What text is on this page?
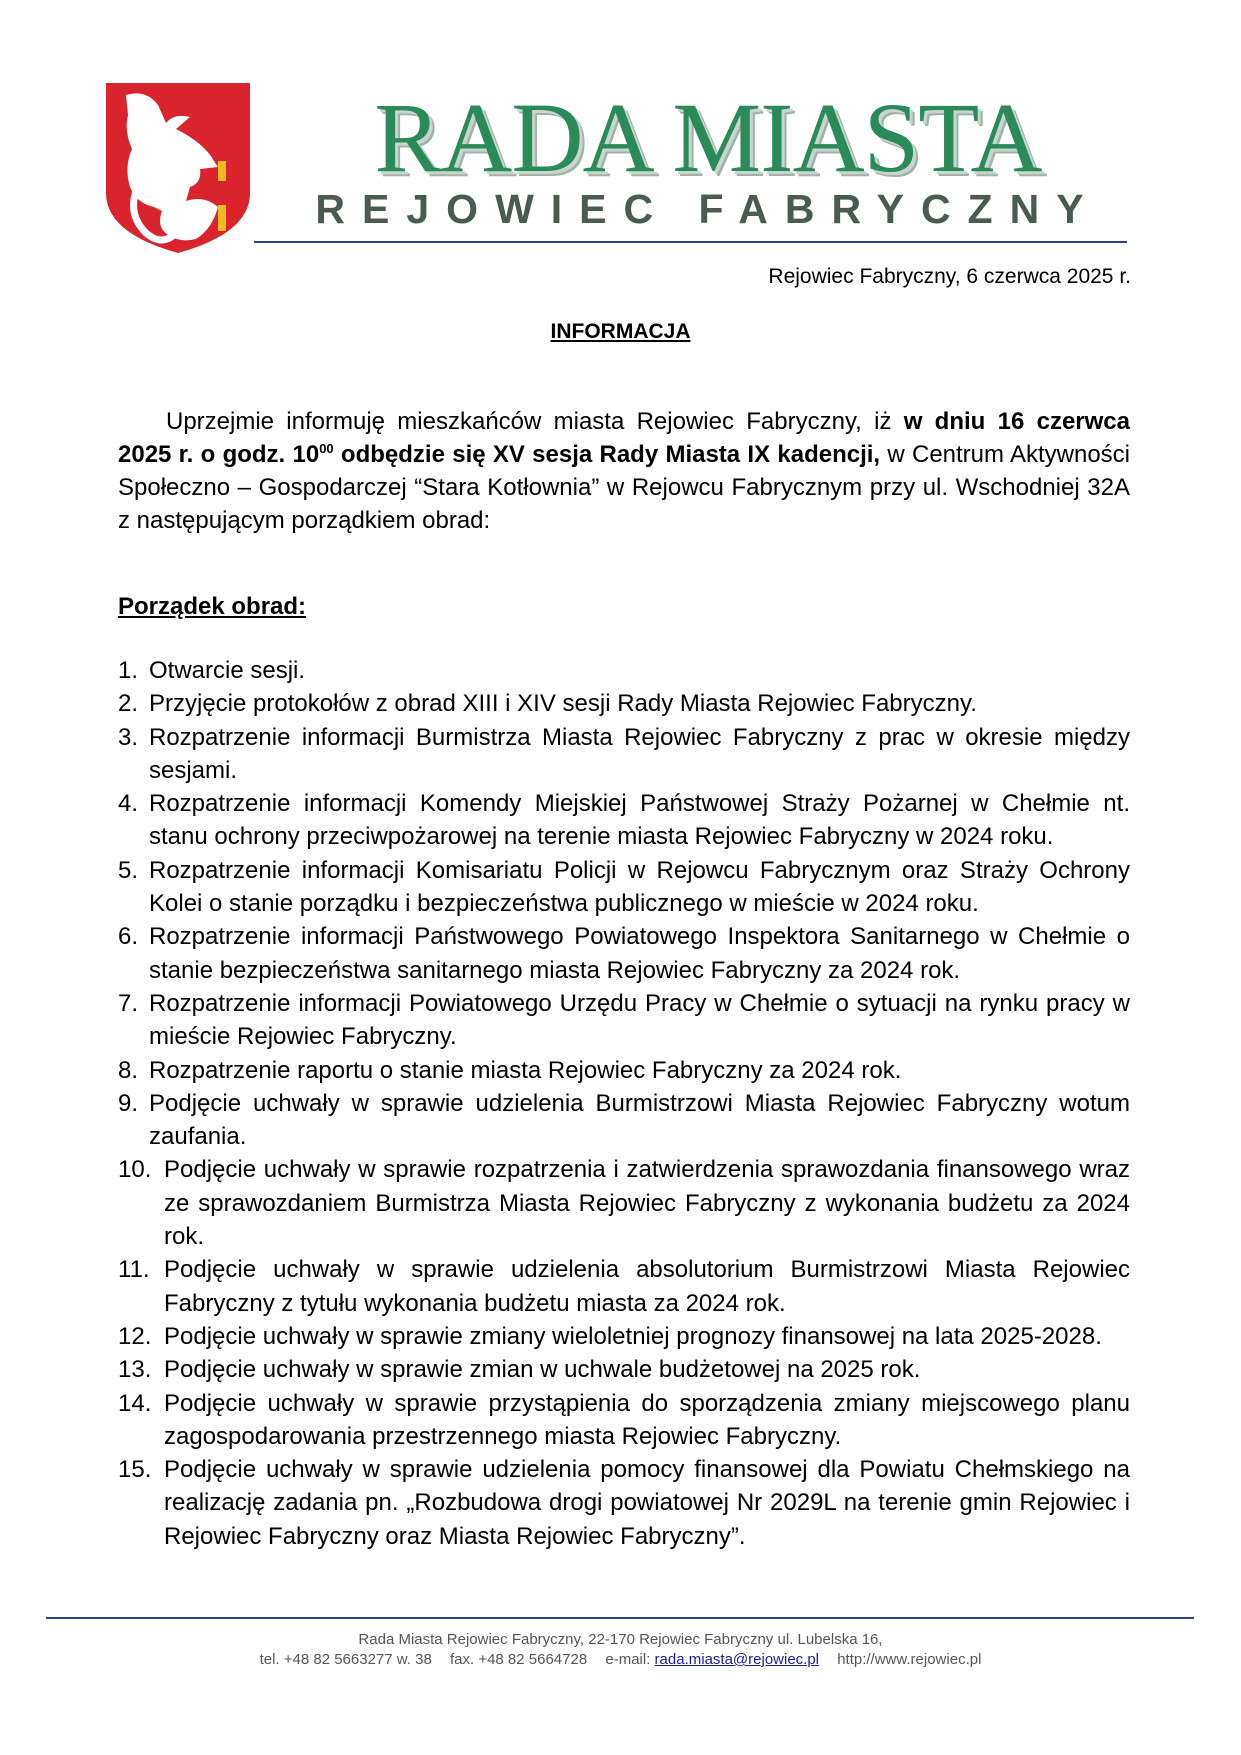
RADA MIASTA
REJOWIEC FABRYCZNY
Rejowiec Fabryczny, 6 czerwca 2025 r.
INFORMACJA
Uprzejmie informuję mieszkańców miasta Rejowiec Fabryczny, iż w dniu 16 czerwca 2025 r. o godz. $10^{00}$ odbędzie się XV sesja Rady Miasta IX kadencji, w Centrum Aktywności Społeczno – Gospodarczej “Stara Kotłownia” w Rejowcu Fabrycznym przy ul. Wschodniej 32A z następującym porządkiem obrad:
Porządek obrad:
1. Otwarcie sesji.
2. Przyjęcie protokołów z obrad XIII i XIV sesji Rady Miasta Rejowiec Fabryczny.
3. Rozpatrzenie informacji Burmistrza Miasta Rejowiec Fabryczny z prac w okresie między sesjami.
4. Rozpatrzenie informacji Komendy Miejskiej Państwowej Straży Pożarnej w Chełmie nt. stanu ochrony przeciwpożarowej na terenie miasta Rejowiec Fabryczny w 2024 roku.
5. Rozpatrzenie informacji Komisariatu Policji w Rejowcu Fabrycznym oraz Straży Ochrony Kolei o stanie porządku i bezpieczeństwa publicznego w mieście w 2024 roku.
6. Rozpatrzenie informacji Państwowego Powiatowego Inspektora Sanitarnego w Chełmie o stanie bezpieczeństwa sanitarnego miasta Rejowiec Fabryczny za 2024 rok.
7. Rozpatrzenie informacji Powiatowego Urzędu Pracy w Chełmie o sytuacji na rynku pracy w mieście Rejowiec Fabryczny.
8. Rozpatrzenie raportu o stanie miasta Rejowiec Fabryczny za 2024 rok.
9. Podjęcie uchwały w sprawie udzielenia Burmistrzowi Miasta Rejowiec Fabryczny wotum zaufania.
10. Podjęcie uchwały w sprawie rozpatrzenia i zatwierdzenia sprawozdania finansowego wraz ze sprawozdaniem Burmistrza Miasta Rejowiec Fabryczny z wykonania budżetu za 2024 rok.
11. Podjęcie uchwały w sprawie udzielenia absolutorium Burmistrzowi Miasta Rejowiec Fabryczny z tytułu wykonania budżetu miasta za 2024 rok.
12. Podjęcie uchwały w sprawie zmiany wieloletniej prognozy finansowej na lata 2025-2028.
13. Podjęcie uchwały w sprawie zmian w uchwale budżetowej na 2025 rok.
14. Podjęcie uchwały w sprawie przystąpienia do sporządzenia zmiany miejscowego planu zagospodarowania przestrzennego miasta Rejowiec Fabryczny.
15. Podjęcie uchwały w sprawie udzielenia pomocy finansowej dla Powiatu Chełmskiego na realizację zadania pn. „Rozbudowa drogi powiatowej Nr 2029L na terenie gmin Rejowiec i Rejowiec Fabryczny oraz Miasta Rejowiec Fabryczny”.
Rada Miasta Rejowiec Fabryczny, 22-170 Rejowiec Fabryczny ul. Lubelska 16,
tel. +48 82 5663277 w. 38 fax. +48 82 5664728 e-mail: rada.miasta@rejowiec.pl http://www.rejowiec.pl
